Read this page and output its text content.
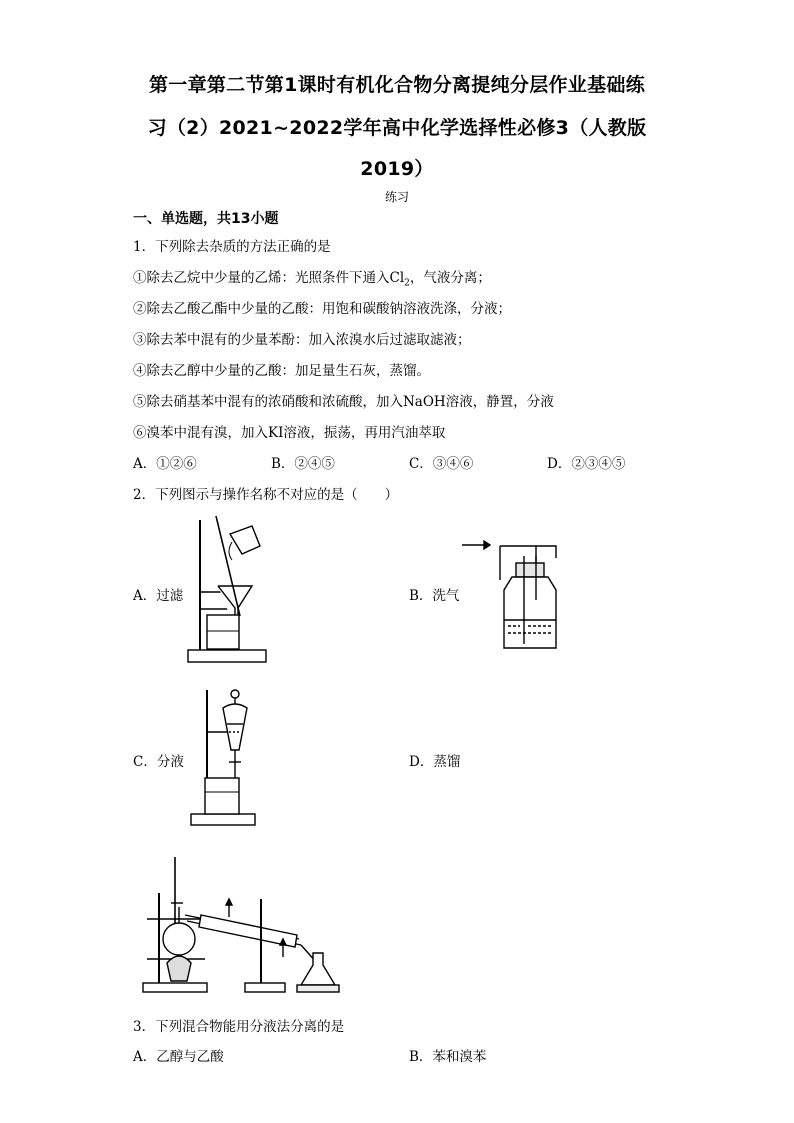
第一章第二节第1课时有机化合物分离提纯分层作业基础练
习（2）2021~2022学年高中化学选择性必修3（人教版
2019）
练习
一、单选题，共13小题
1．下列除去杂质的方法正确的是
①除去乙烷中少量的乙烯：光照条件下通入$Cl_2$，气液分离；
②除去乙酸乙酯中少量的乙酸：用饱和碳酸钠溶液洗涤，分液；
③除去苯中混有的少量苯酚：加入浓溴水后过滤取滤液；
④除去乙醇中少量的乙酸：加足量生石灰，蒸馏。
⑤除去硝基苯中混有的浓硝酸和浓硫酸，加入NaOH溶液，静置，分液
⑥溴苯中混有溴，加入KI溶液，振荡，再用汽油萃取
A．①②⑥	B．②④⑤	C．③④⑥	D．②③④⑤
2．下列图示与操作名称不对应的是（　　）
A．过滤	B．洗气
C．分液	D．蒸馏
3．下列混合物能用分液法分离的是
A．乙醇与乙酸	B．苯和溴苯
